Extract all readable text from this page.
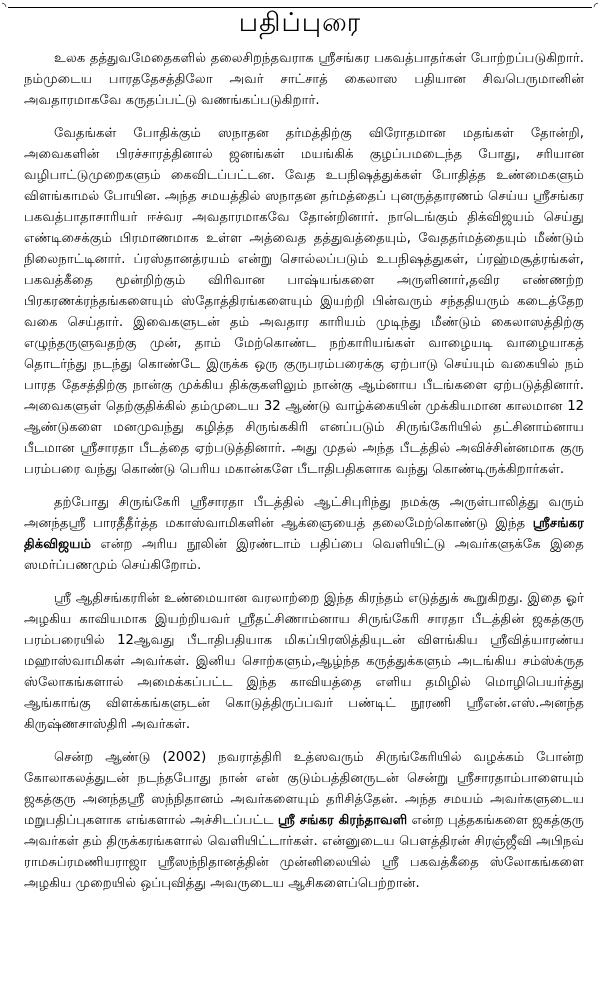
◝	◜
பதிப்புரை

உலக தத்துவமேதைகளில் தலைசிறந்தவராக ஸ்ரீசங்கர பகவத்பாதர்கள் போற்றப்படுகிறார். நம்முடைய பாரததேசத்திலோ அவர் சாட்சாத் கைலாஸ பதியான சிவபெருமானின் அவதாரமாகவே கருதப்பட்டு வணங்கப்படுகிறார்.

வேதங்கள் போதிக்கும் ஸநாதன தர்மத்திற்கு விரோதமான மதங்கள் தோன்றி, அவைகளின் பிரச்சாரத்தினால் ஜனங்கள் மயங்கிக் குழப்பமடைந்த போது, சரியான வழிபாட்டுமுறைகளும் கைவிடப்பட்டன. வேத உபநிஷத்துக்கள் போதித்த உண்மைகளும் விளங்காமல் போயின. அந்த சமயத்தில் ஸநாதன தர்மத்தைப் புனருத்தாரணம் செய்ய ஸ்ரீசங்கர பகவத்பாதாசாரியர் ஈச்வர அவதாரமாகவே தோன்றினார். நாடெங்கும் திக்விஜயம் செய்து எண்டிசைக்கும் பிரமாணமாக உள்ள அத்வைத தத்துவத்தையும், வேததர்மத்தையும் மீண்டும் நிலைநாட்டினார். ப்ரஸ்தானத்ரயம் என்று சொல்லப்படும் உபநிஷத்துகள், ப்ரஹ்மசூத்ரங்கள், பகவத்கீதை மூன்றிற்கும் விரிவான பாஷ்யங்களை அருளினார்,தவிர எண்ணற்ற பிரகரணக்ரந்தங்களையும் ஸ்தோத்திரங்களையும் இயற்றி பின்வரும் சந்ததியரும் கடைத்தேற வகை செய்தார். இவைகளுடன் தம் அவதார காரியம் முடிந்து மீண்டும் கைலாஸத்திற்கு எழுந்தருளுவதற்கு முன், தாம் மேற்கொண்ட நற்காரியங்கள் வாழையடி வாழையாகத் தொடர்ந்து நடந்து கொண்டே இருக்க ஒரு குருபரம்பரைக்கு ஏற்பாடு செய்யும் வகையில் நம் பாரத தேசத்திற்கு நான்கு முக்கிய திக்குகளிலும் நான்கு ஆம்னாய பீடங்களை ஏற்படுத்தினார். அவைகளுள் தெற்குதிக்கில் தம்முடைய 32 ஆண்டு வாழ்க்கையின் முக்கியமான காலமான 12 ஆண்டுகளை மனமுவந்து கழித்த சிருங்ககிரி எனப்படும் சிருங்கேரியில் தட்சினாம்னாய பீடமான ஸ்ரீசாரதா பீடத்தை ஏற்படுத்தினார். அது முதல் அந்த பீடத்தில் அவிச்சின்னமாக குரு பரம்பரை வந்து கொண்டு பெரிய மகான்களே பீடாதிபதிகளாக வந்து கொண்டிருக்கிறார்கள்.

தற்போது சிருங்கேரி ஸ்ரீசாரதா பீடத்தில் ஆட்சிபுரிந்து நமக்கு அருள்பாலித்து வரும் அனந்தஸ்ரீ பாரதீதீர்த்த மகாஸ்வாமிகளின் ஆக்ஞையைத் தலைமேற்கொண்டு இந்த ஸ்ரீசங்கர திக்விஜயம் என்ற அரிய நூலின் இரண்டாம் பதிப்பை வெளியிட்டு அவர்களுக்கே இதை ஸமர்ப்பணமும் செய்கிறோம்.

ஸ்ரீ ஆதிசங்கரரின் உண்மையான வரலாற்றை இந்த கிரந்தம் எடுத்துக் கூறுகிறது. இதை ஓர் அழகிய காவியமாக இயற்றியவர் ஸ்ரீதட்சிணாம்னாய சிருங்கேரி சாரதா பீடத்தின் ஜகத்குரு பரம்பரையில் 12ஆவது பீடாதிபதியாக மிகப்பிரஸித்தியுடன் விளங்கிய ஸ்ரீவித்யாரண்ய மஹாஸ்வாமிகள் அவர்கள். இனிய சொற்களும்,ஆழ்ந்த கருத்துக்களும் அடங்கிய சம்ஸ்க்ருத ஸ்லோகங்களால் அமைக்கப்பட்ட இந்த காவியத்தை எளிய தமிழில் மொழிபெயர்த்து ஆங்காங்கு விளக்கங்களுடன் கொடுத்திருப்பவர் பண்டிட் நூரணி ஸ்ரீஎன்.எஸ்.அனந்த கிருஷ்ணசாஸ்திரி அவர்கள்.

சென்ற ஆண்டு (2002) நவராத்திரி உத்ஸவரும் சிருங்கேரியில் வழக்கம் போன்ற கோலாகலத்துடன் நடந்தபோது நான் என் குடும்பத்தினருடன் சென்று ஸ்ரீசாரதாம்பாளையும் ஜகத்குரு அனந்தஸ்ரீ ஸந்நிதானம் அவர்களையும் தரிசித்தேன். அந்த சமயம் அவர்களுடைய மறுபதிப்புகளாக எங்களால் அச்சிடப்பட்ட ஸ்ரீ சங்கர கிரந்தாவளி என்ற புத்தகங்களை ஜகத்குரு அவர்கள் தம் திருக்கரங்களால் வெளியிட்டார்கள். என்னுடைய பௌத்திரன் சிரஞ்ஜீவி அபிநவ் ராமசுப்ரமணியராஜா ஸ்ரீஸந்நிதானத்தின் முன்னிலையில் ஸ்ரீ பகவத்கீதை ஸ்லோகங்களை அழகிய முறையில் ஒப்புவித்து அவருடைய ஆசிகளைப்பெற்றான்.
